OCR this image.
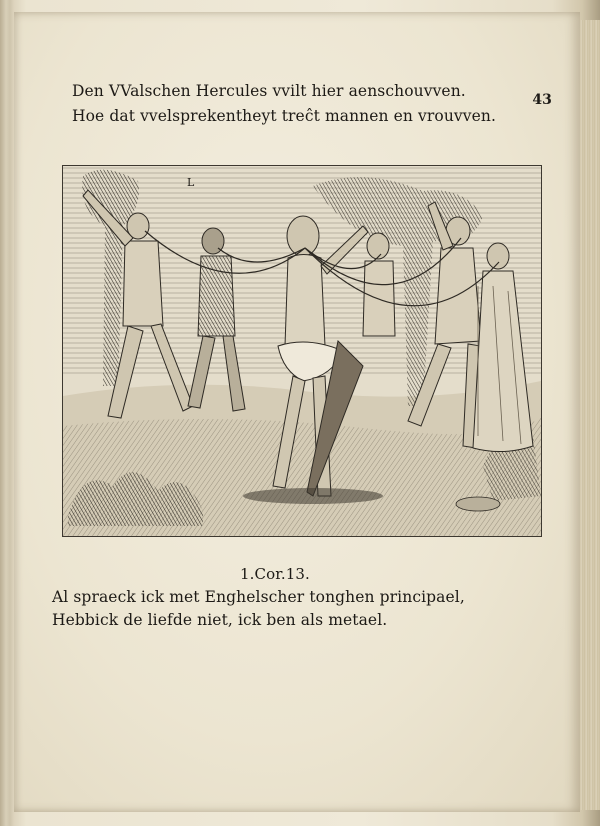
Den VValschen Hercules vvilt hier aenschouvven.
Hoe dat vvelsprekentheyt treĉt mannen en vrouvven.
43
L
1.Cor.13.
Al spraeck ick met Enghelscher tonghen principael,
Hebbick de liefde niet, ick ben als metael.
